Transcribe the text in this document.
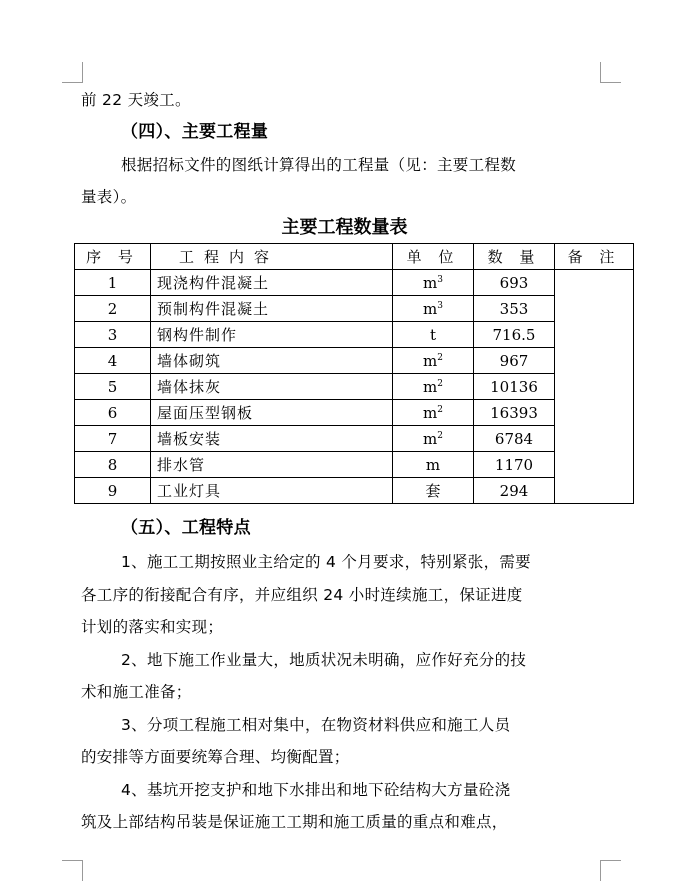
前 22 天竣工。
（四）、主要工程量
根据招标文件的图纸计算得出的工程量（见：主要工程数
量表）。
主要工程数量表
序 号	工程内容	单 位	数 量	备 注
1	现浇构件混凝土	$m^3$	693	
2	预制构件混凝土	$m^3$	353	
3	钢构件制作	t	716.5	
4	墙体砌筑	$m^2$	967	
5	墙体抹灰	$m^2$	10136	
6	屋面压型钢板	$m^2$	16393	
7	墙板安装	$m^2$	6784	
8	排水管	m	1170	
9	工业灯具	套	294	
（五）、工程特点
1、施工工期按照业主给定的 4 个月要求，特别紧张，需要
各工序的衔接配合有序，并应组织 24 小时连续施工，保证进度
计划的落实和实现；
2、地下施工作业量大，地质状况未明确，应作好充分的技
术和施工准备；
3、分项工程施工相对集中，在物资材料供应和施工人员
的安排等方面要统筹合理、均衡配置；
4、基坑开挖支护和地下水排出和地下砼结构大方量砼浇
筑及上部结构吊装是保证施工工期和施工质量的重点和难点，
